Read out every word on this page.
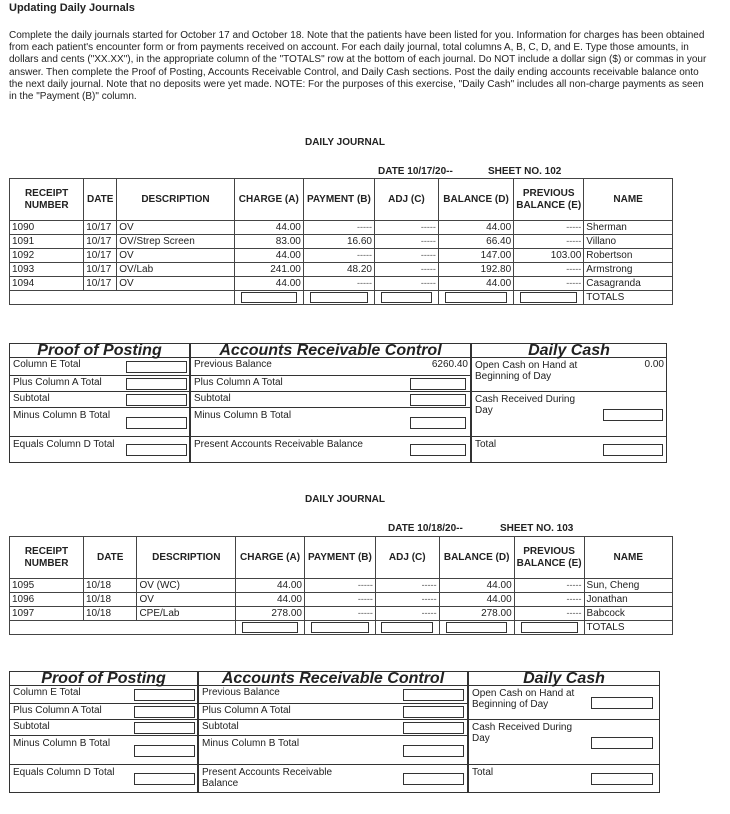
Updating Daily Journals

Complete the daily journals started for October 17 and October 18. Note that the patients have been listed for you. Information for charges has been obtained from each patient's encounter form or from payments received on account. For each daily journal, total columns A, B, C, D, and E. Type those amounts, in dollars and cents ("XX.XX"), in the appropriate column of the "TOTALS" row at the bottom of each journal. Do NOT include a dollar sign ($) or commas in your answer. Then complete the Proof of Posting, Accounts Receivable Control, and Daily Cash sections. Post the daily ending accounts receivable balance onto the next daily journal. Note that no deposits were yet made. NOTE: For the purposes of this exercise, "Daily Cash" includes all non-charge payments as seen in the "Payment (B)" column.

DAILY JOURNAL
DATE 10/17/20--	SHEET NO. 102
RECEIPT NUMBER	DATE	DESCRIPTION	CHARGE (A)	PAYMENT (B)	ADJ (C)	BALANCE (D)	PREVIOUS BALANCE (E)	NAME
1090	10/17	OV	44.00	-----	-----	44.00	-----	Sherman
1091	10/17	OV/Strep Screen	83.00	16.60	-----	66.40	-----	Villano
1092	10/17	OV	44.00	-----	-----	147.00	103.00	Robertson
1093	10/17	OV/Lab	241.00	48.20	-----	192.80	-----	Armstrong
1094	10/17	OV	44.00	-----	-----	44.00	-----	Casagranda

			TOTALS
Proof of Posting
Column E Total
Plus Column A Total
Subtotal
Minus Column B Total
Equals Column D Total
Accounts Receivable Control
Previous Balance	6260.40
Plus Column A Total
Subtotal
Minus Column B Total
Present Accounts Receivable Balance
Daily Cash
Open Cash on Hand at Beginning of Day
0.00
Cash Received During Day
Total
DAILY JOURNAL
DATE 10/18/20--	SHEET NO. 103
RECEIPT NUMBER	DATE	DESCRIPTION	CHARGE (A)	PAYMENT (B)	ADJ (C)	BALANCE (D)	PREVIOUS BALANCE (E)	NAME
1095	10/18	OV (WC)	44.00	-----	-----	44.00	-----	Sun, Cheng
1096	10/18	OV	44.00	-----	-----	44.00	-----	Jonathan
1097	10/18	CPE/Lab	278.00	-----	-----	278.00	-----	Babcock

			TOTALS
Proof of Posting
Column E Total
Plus Column A Total
Subtotal
Minus Column B Total
Equals Column D Total
Accounts Receivable Control
Previous Balance
Plus Column A Total
Subtotal
Minus Column B Total
Present Accounts Receivable Balance
Daily Cash
Open Cash on Hand at Beginning of Day
Cash Received During Day
Total
